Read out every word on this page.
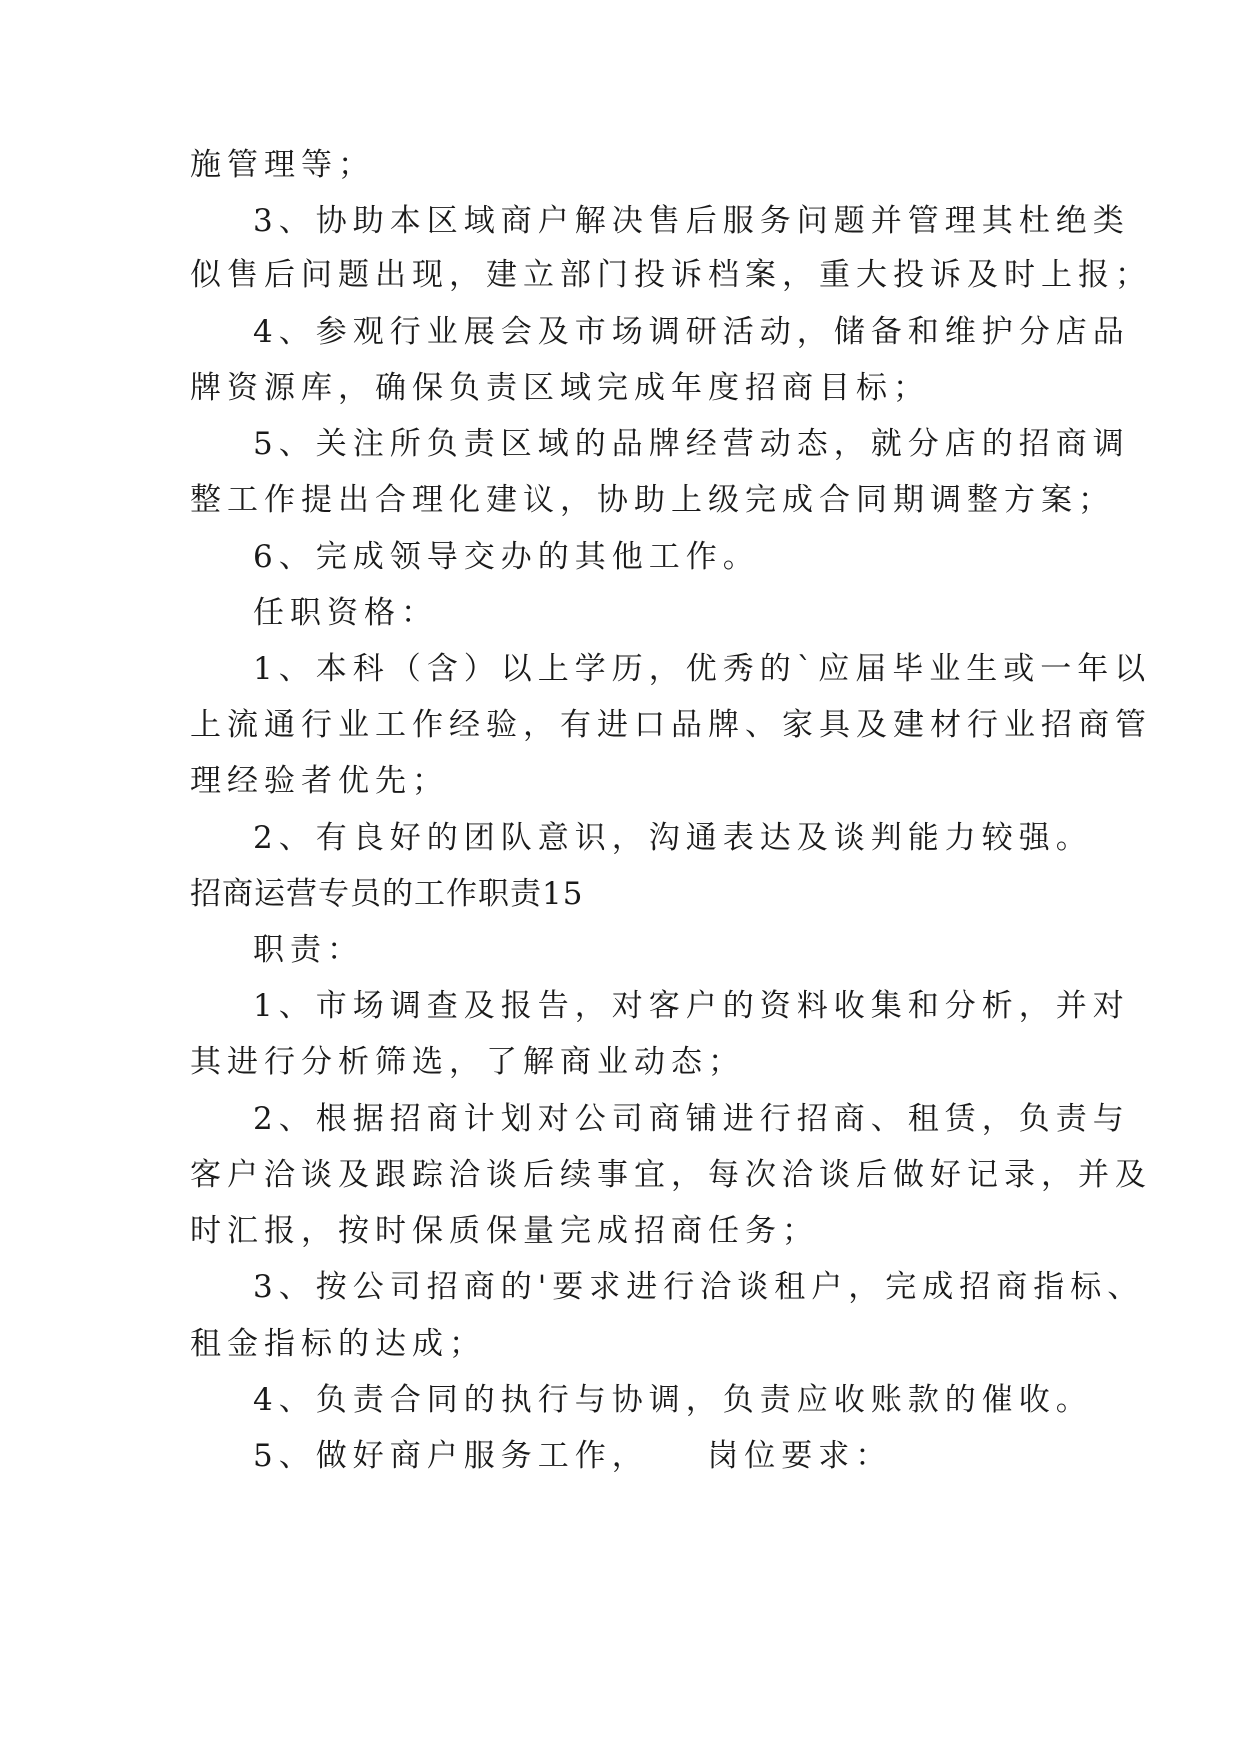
施管理等；
3、协助本区域商户解决售后服务问题并管理其杜绝类
似售后问题出现，建立部门投诉档案，重大投诉及时上报；
4、参观行业展会及市场调研活动，储备和维护分店品
牌资源库，确保负责区域完成年度招商目标；
5、关注所负责区域的品牌经营动态，就分店的招商调
整工作提出合理化建议，协助上级完成合同期调整方案；
6、完成领导交办的其他工作。
任职资格：
1、本科（含）以上学历，优秀的`应届毕业生或一年以
上流通行业工作经验，有进口品牌、家具及建材行业招商管
理经验者优先；
2、有良好的团队意识，沟通表达及谈判能力较强。
招商运营专员的工作职责15
职责：
1、市场调查及报告，对客户的资料收集和分析，并对
其进行分析筛选，了解商业动态；
2、根据招商计划对公司商铺进行招商、租赁，负责与
客户洽谈及跟踪洽谈后续事宜，每次洽谈后做好记录，并及
时汇报，按时保质保量完成招商任务；
3、按公司招商的'要求进行洽谈租户，完成招商指标、
租金指标的达成；
4、负责合同的执行与协调，负责应收账款的催收。
5、做好商户服务工作，　　岗位要求：
